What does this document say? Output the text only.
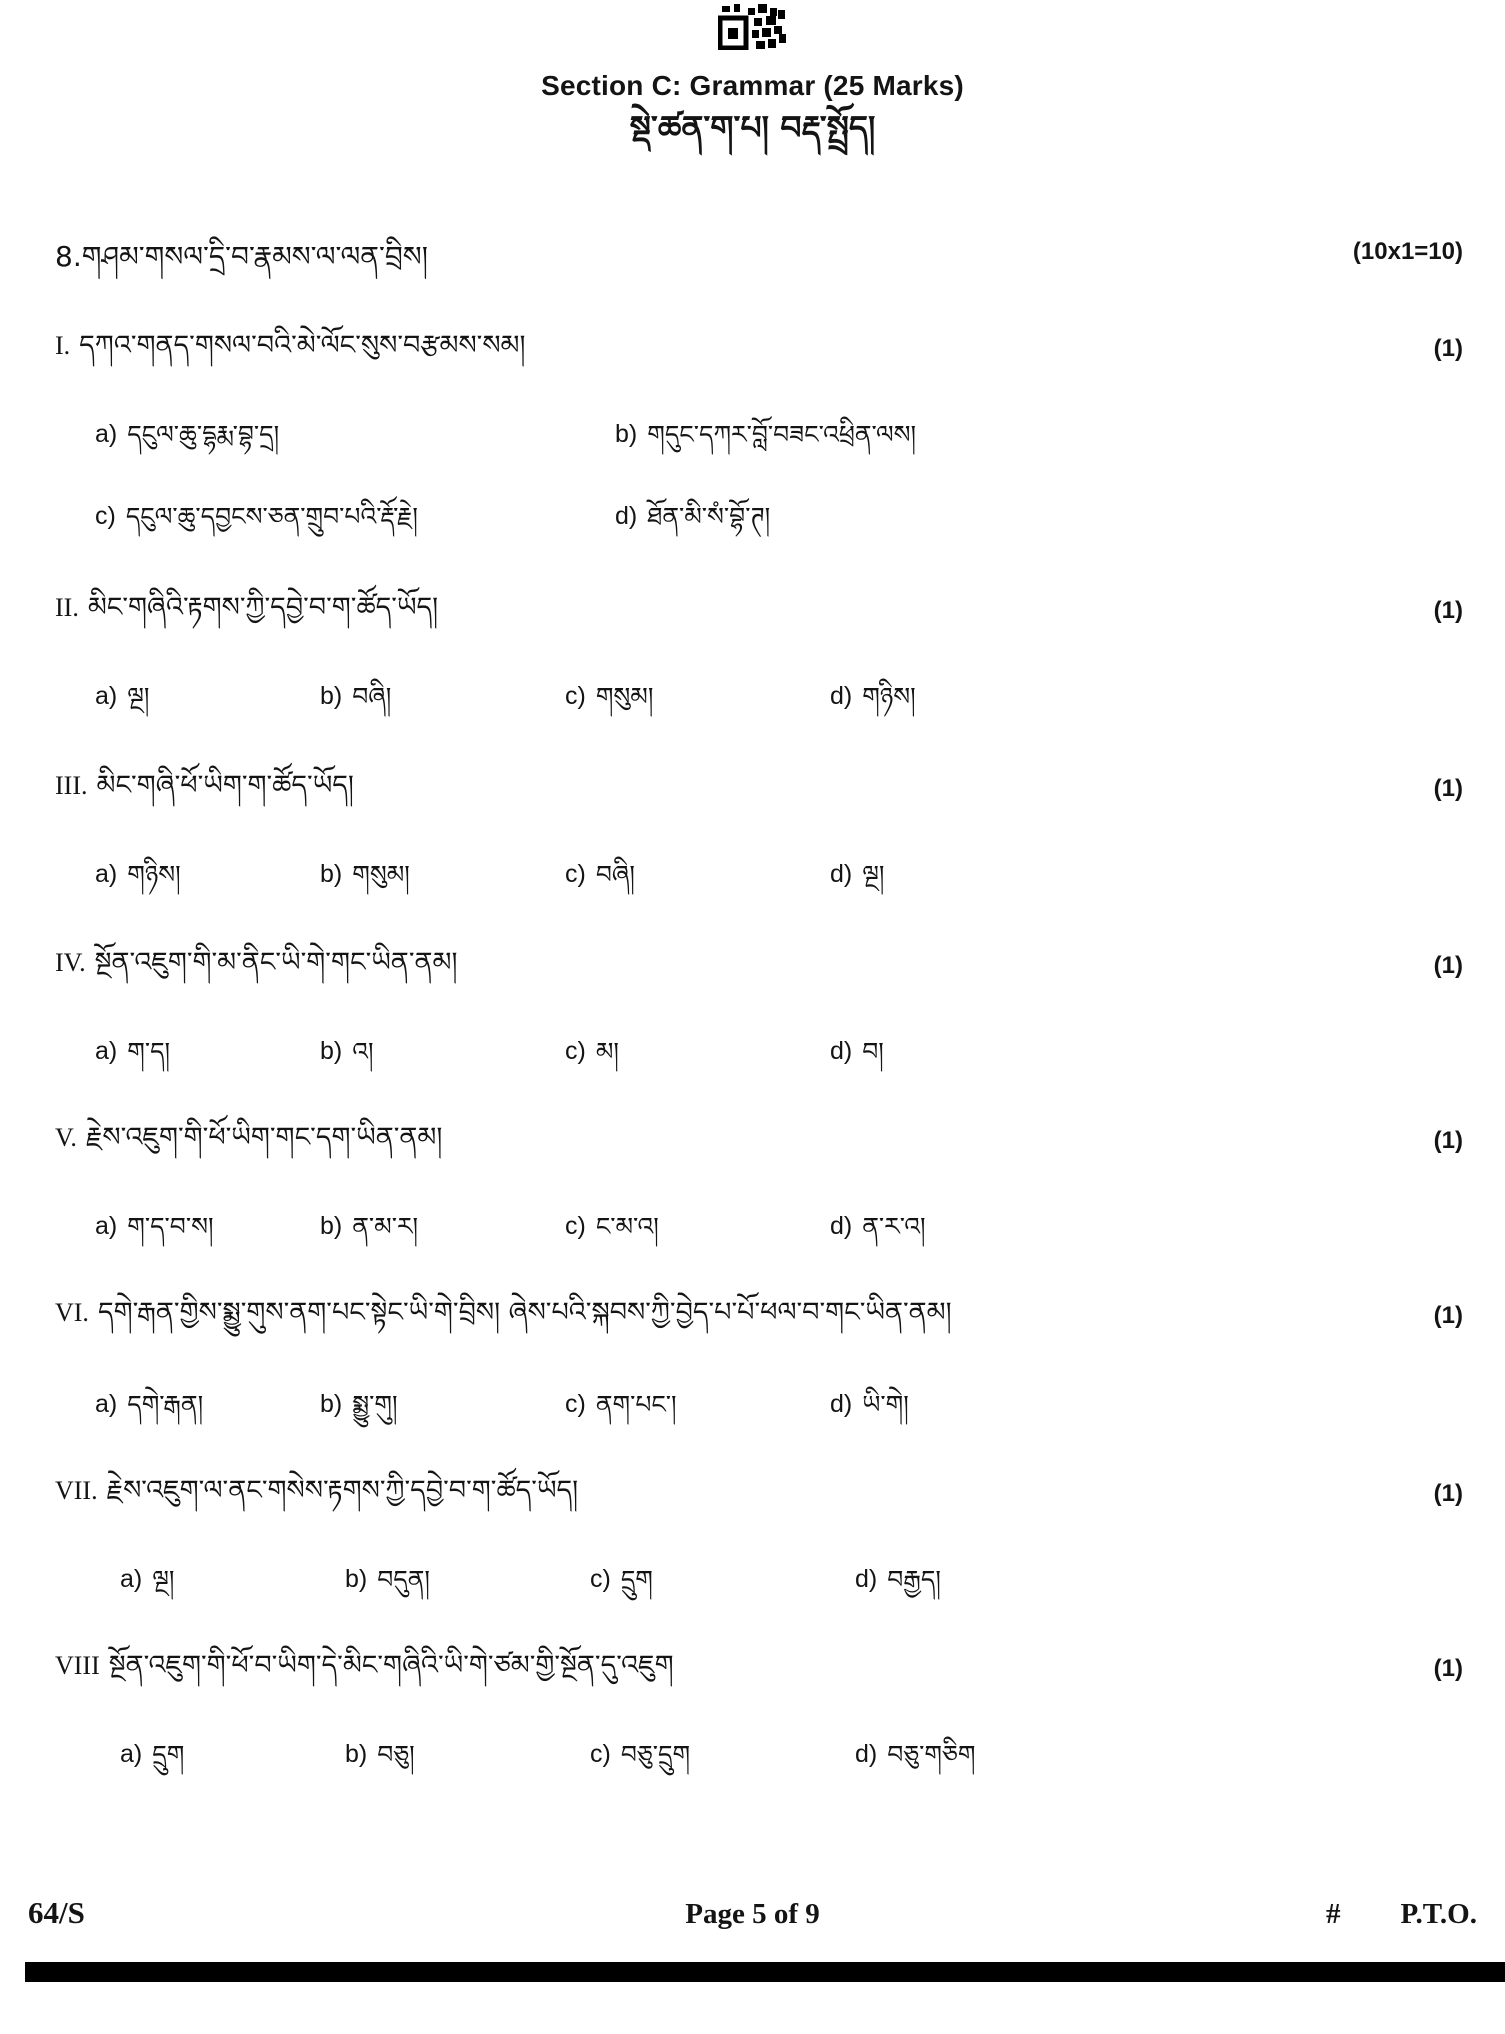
Section C: Grammar (25 Marks)
སྡེ་ཚན་ག་པ། བརྡ་སྤྲོད།
8.གཤམ་གསལ་དྲི་བ་རྣམས་ལ་ལན་བྲིས།	(10x1=10)
I. དཀའ་གནད་གསལ་བའི་མེ་ལོང་སུས་བརྩམས་སམ།	(1)
a) དངུལ་ཆུ་དྷརྨ་བྷ་དྲ།	b) གདུང་དཀར་བློ་བཟང་འཕྲིན་ལས།
c) དངུལ་ཆུ་དབྱངས་ཅན་གྲུབ་པའི་རྡོ་རྗེ།	d) ཐོན་མི་སཾ་བྷོ་ཊ།
II. མིང་གཞིའི་རྟགས་ཀྱི་དབྱེ་བ་ག་ཚོད་ཡོད།	(1)
a) ལྔ།	b) བཞི།	c) གསུམ།	d) གཉིས།
III. མིང་གཞི་ཕོ་ཡིག་ག་ཚོད་ཡོད།	(1)
a) གཉིས།	b) གསུམ།	c) བཞི།	d) ལྔ།
IV. སྔོན་འཇུག་གི་མ་ནིང་ཡི་གེ་གང་ཡིན་ནམ།	(1)
a) ག་ད།	b) འ།	c) མ།	d) བ།
V. རྗེས་འཇུག་གི་ཕོ་ཡིག་གང་དག་ཡིན་ནམ།	(1)
a) ག་ད་བ་ས།	b) ན་མ་ར།	c) ང་མ་འ།	d) ན་ར་འ།
VI. དགེ་རྒན་གྱིས་སྨྱུ་གུས་ནག་པང་སྟེང་ཡི་གེ་བྲིས། ཞེས་པའི་སྐབས་ཀྱི་བྱེད་པ་པོ་ཕལ་བ་གང་ཡིན་ནམ།	(1)
a) དགེ་རྒན།	b) སྨྱུ་གུ།	c) ནག་པང་།	d) ཡི་གེ།
VII. རྗེས་འཇུག་ལ་ནང་གསེས་རྟགས་ཀྱི་དབྱེ་བ་ག་ཚོད་ཡོད།	(1)
a) ལྔ།	b) བདུན།	c) དྲུག	d) བརྒྱད།
VIII སྔོན་འཇུག་གི་ཕོ་བ་ཡིག་དེ་མིང་གཞིའི་ཡི་གེ་ཙམ་གྱི་སྔོན་དུ་འཇུག	(1)
a) དྲུག	b) བཅུ།	c) བཅུ་དྲུག	d) བཅུ་གཅིག
64/S	Page 5 of 9	# P.T.O.
